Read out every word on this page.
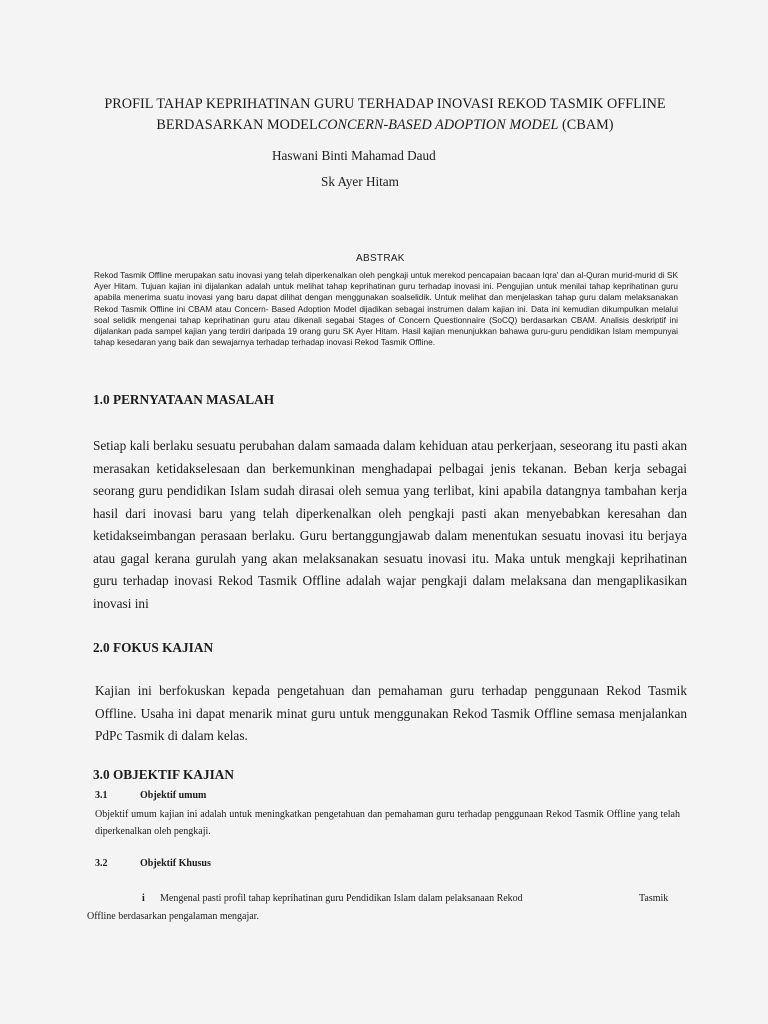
PROFIL TAHAP KEPRIHATINAN GURU TERHADAP INOVASI REKOD TASMIK OFFLINE
BERDASARKAN MODELCONCERN-BASED ADOPTION MODEL (CBAM)
Haswani Binti Mahamad Daud
Sk Ayer Hitam
ABSTRAK
Rekod Tasmik Offline merupakan satu inovasi yang telah diperkenalkan oleh pengkaji untuk merekod pencapaian bacaan Iqra' dan al-Quran murid-murid di SK Ayer Hitam. Tujuan kajian ini dijalankan adalah untuk melihat tahap keprihatinan guru terhadap inovasi ini. Pengujian untuk menilai tahap keprihatinan guru apabila menerima suatu inovasi yang baru dapat dilihat dengan menggunakan soalselidik. Untuk melihat dan menjelaskan tahap guru dalam melaksanakan Rekod Tasmik Offline ini CBAM atau Concern- Based Adoption Model dijadikan sebagai instrumen dalam kajian ini. Data ini kemudian dikumpulkan melalui soal selidik mengenai tahap keprihatinan guru atau dikenali segabai Stages of Concern Questionnaire (SoCQ) berdasarkan CBAM. Analisis deskriptif ini dijalankan pada sampel kajian yang terdiri daripada 19 orang guru SK Ayer Hitam. Hasil kajian menunjukkan bahawa guru-guru pendidikan Islam mempunyai tahap kesedaran yang baik dan sewajarnya terhadap terhadap inovasi Rekod Tasmik Offline.
1.0 PERNYATAAN MASALAH
Setiap kali berlaku sesuatu perubahan dalam samaada dalam kehiduan atau perkerjaan, seseorang itu pasti akan merasakan ketidakselesaan dan berkemunkinan menghadapai pelbagai jenis tekanan. Beban kerja sebagai seorang guru pendidikan Islam sudah dirasai oleh semua yang terlibat, kini apabila datangnya tambahan kerja hasil dari inovasi baru yang telah diperkenalkan oleh pengkaji pasti akan menyebabkan keresahan dan ketidakseimbangan perasaan berlaku. Guru bertanggungjawab dalam menentukan sesuatu inovasi itu berjaya atau gagal kerana gurulah yang akan melaksanakan sesuatu inovasi itu. Maka untuk mengkaji keprihatinan guru terhadap inovasi Rekod Tasmik Offline adalah wajar pengkaji dalam melaksana dan mengaplikasikan inovasi ini
2.0 FOKUS KAJIAN
Kajian ini berfokuskan kepada pengetahuan dan pemahaman guru terhadap penggunaan Rekod Tasmik Offline. Usaha ini dapat menarik minat guru untuk menggunakan Rekod Tasmik Offline semasa menjalankan PdPc Tasmik di dalam kelas.
3.0 OBJEKTIF KAJIAN
3.1	Objektif umum
Objektif umum kajian ini adalah untuk meningkatkan pengetahuan dan pemahaman guru terhadap penggunaan Rekod Tasmik Offline yang telah diperkenalkan oleh pengkaji.
3.2	Objektif Khusus
i Mengenal pasti profil tahap keprihatinan guru Pendidikan Islam dalam pelaksanaan Rekod	Tasmik
Offline berdasarkan pengalaman mengajar.
